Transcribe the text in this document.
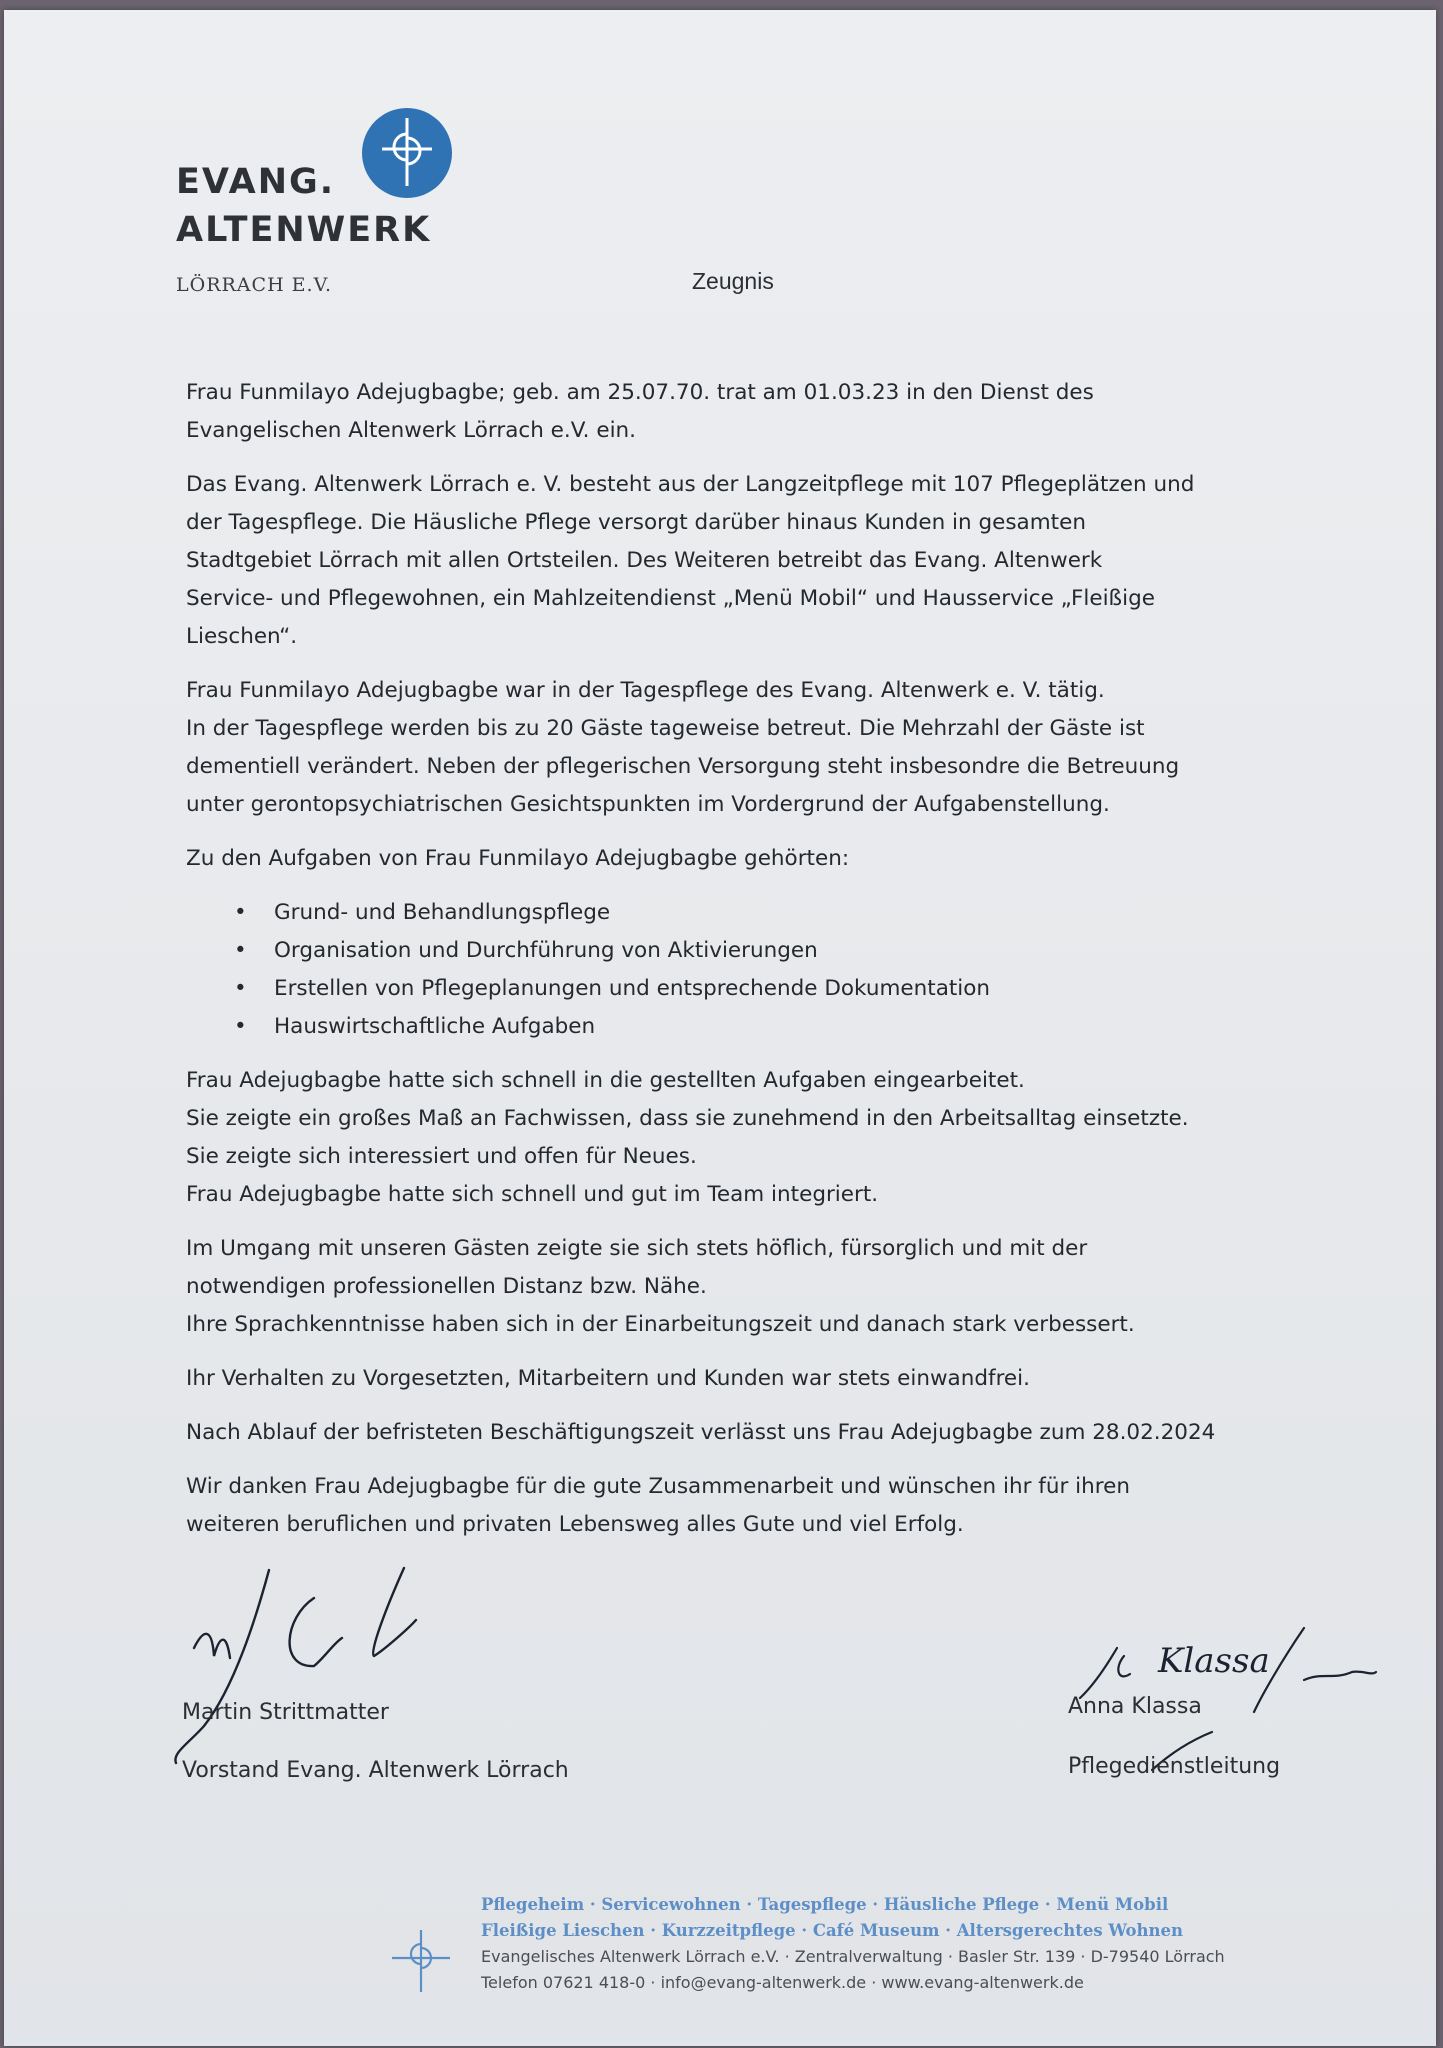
EVANG.
ALTENWERK
LÖRRACH E.V.	Zeugnis

Frau Funmilayo Adejugbagbe; geb. am 25.07.70. trat am 01.03.23 in den Dienst des
Evangelischen Altenwerk Lörrach e.V. ein.

Das Evang. Altenwerk Lörrach e. V. besteht aus der Langzeitpflege mit 107 Pflegeplätzen und
der Tagespflege. Die Häusliche Pflege versorgt darüber hinaus Kunden in gesamten
Stadtgebiet Lörrach mit allen Ortsteilen. Des Weiteren betreibt das Evang. Altenwerk
Service- und Pflegewohnen, ein Mahlzeitendienst „Menü Mobil“ und Hausservice „Fleißige
Lieschen“.

Frau Funmilayo Adejugbagbe war in der Tagespflege des Evang. Altenwerk e. V. tätig.
In der Tagespflege werden bis zu 20 Gäste tageweise betreut. Die Mehrzahl der Gäste ist
dementiell verändert. Neben der pflegerischen Versorgung steht insbesondre die Betreuung
unter gerontopsychiatrischen Gesichtspunkten im Vordergrund der Aufgabenstellung.

Zu den Aufgaben von Frau Funmilayo Adejugbagbe gehörten:

• Grund- und Behandlungspflege
• Organisation und Durchführung von Aktivierungen
• Erstellen von Pflegeplanungen und entsprechende Dokumentation
• Hauswirtschaftliche Aufgaben

Frau Adejugbagbe hatte sich schnell in die gestellten Aufgaben eingearbeitet.
Sie zeigte ein großes Maß an Fachwissen, dass sie zunehmend in den Arbeitsalltag einsetzte.
Sie zeigte sich interessiert und offen für Neues.
Frau Adejugbagbe hatte sich schnell und gut im Team integriert.

Im Umgang mit unseren Gästen zeigte sie sich stets höflich, fürsorglich und mit der
notwendigen professionellen Distanz bzw. Nähe.
Ihre Sprachkenntnisse haben sich in der Einarbeitungszeit und danach stark verbessert.

Ihr Verhalten zu Vorgesetzten, Mitarbeitern und Kunden war stets einwandfrei.

Nach Ablauf der befristeten Beschäftigungszeit verlässt uns Frau Adejugbagbe zum 28.02.2024

Wir danken Frau Adejugbagbe für die gute Zusammenarbeit und wünschen ihr für ihren
weiteren beruflichen und privaten Lebensweg alles Gute und viel Erfolg.

Klassa
Martin Strittmatter
Vorstand Evang. Altenwerk Lörrach
Anna Klassa
Pflegedienstleitung
Pflegeheim · Servicewohnen · Tagespflege · Häusliche Pflege · Menü Mobil
Fleißige Lieschen · Kurzzeitpflege · Café Museum · Altersgerechtes Wohnen
Evangelisches Altenwerk Lörrach e.V. · Zentralverwaltung · Basler Str. 139 · D-79540 Lörrach
Telefon 07621 418-0 · info@evang-altenwerk.de · www.evang-altenwerk.de
